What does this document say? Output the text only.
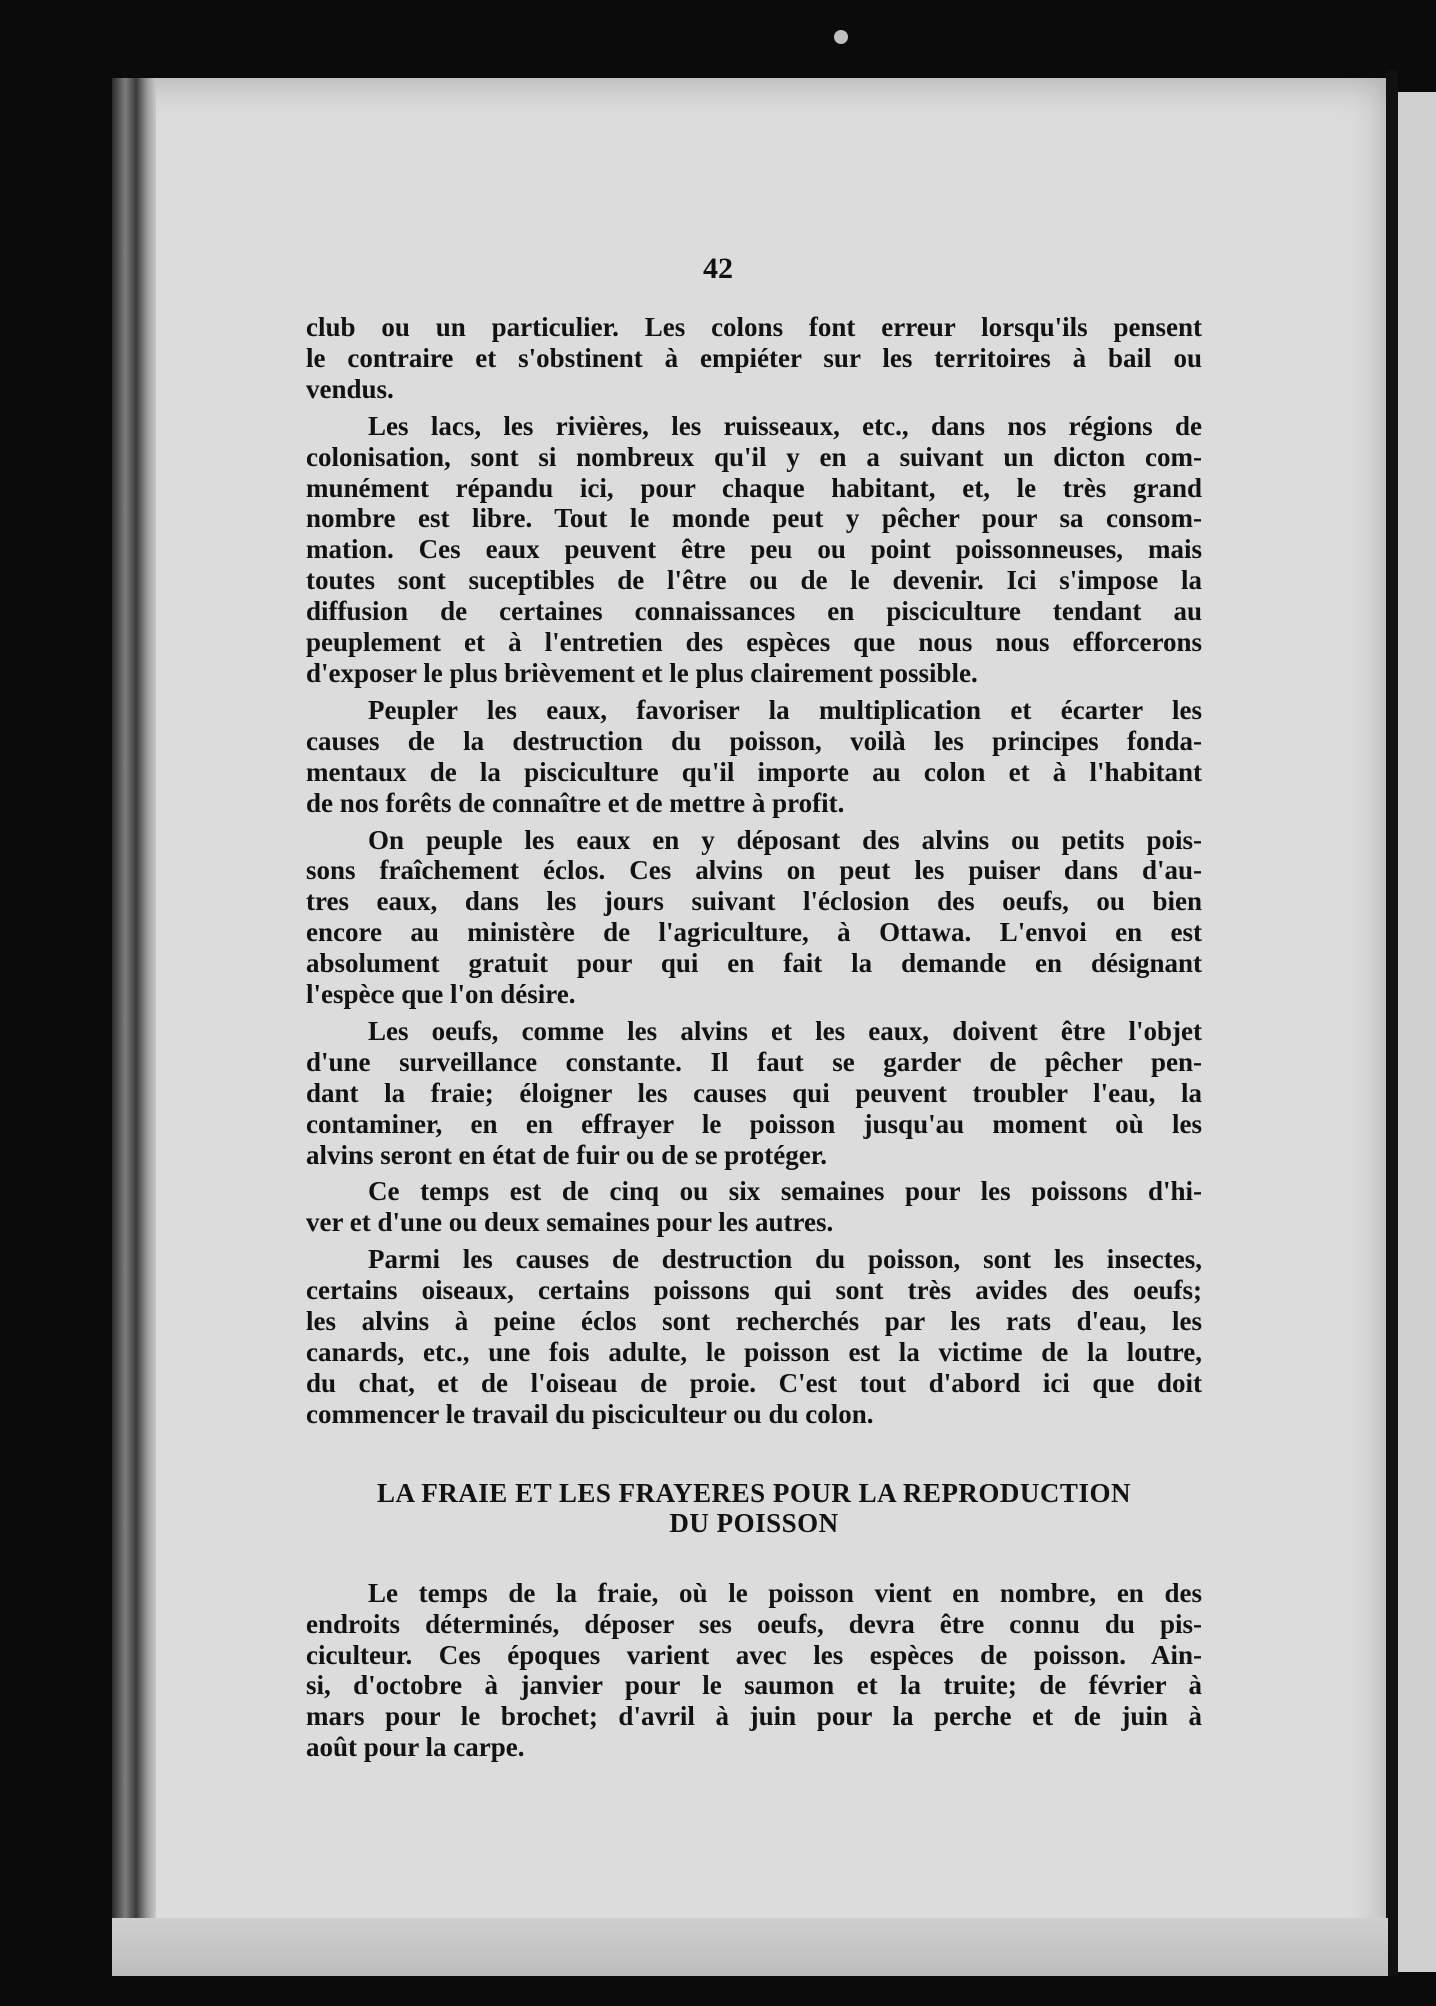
42
club ou un particulier. Les colons font erreur lorsqu'ils pensent
le contraire et s'obstinent à empiéter sur les territoires à bail ou
vendus.
Les lacs, les rivières, les ruisseaux, etc., dans nos régions de
colonisation, sont si nombreux qu'il y en a suivant un dicton com-
munément répandu ici, pour chaque habitant, et, le très grand
nombre est libre. Tout le monde peut y pêcher pour sa consom-
mation. Ces eaux peuvent être peu ou point poissonneuses, mais
toutes sont suceptibles de l'être ou de le devenir. Ici s'impose la
diffusion de certaines connaissances en pisciculture tendant au
peuplement et à l'entretien des espèces que nous nous efforcerons
d'exposer le plus brièvement et le plus clairement possible.
Peupler les eaux, favoriser la multiplication et écarter les
causes de la destruction du poisson, voilà les principes fonda-
mentaux de la pisciculture qu'il importe au colon et à l'habitant
de nos forêts de connaître et de mettre à profit.
On peuple les eaux en y déposant des alvins ou petits pois-
sons fraîchement éclos. Ces alvins on peut les puiser dans d'au-
tres eaux, dans les jours suivant l'éclosion des oeufs, ou bien
encore au ministère de l'agriculture, à Ottawa. L'envoi en est
absolument gratuit pour qui en fait la demande en désignant
l'espèce que l'on désire.
Les oeufs, comme les alvins et les eaux, doivent être l'objet
d'une surveillance constante. Il faut se garder de pêcher pen-
dant la fraie; éloigner les causes qui peuvent troubler l'eau, la
contaminer, en en effrayer le poisson jusqu'au moment où les
alvins seront en état de fuir ou de se protéger.
Ce temps est de cinq ou six semaines pour les poissons d'hi-
ver et d'une ou deux semaines pour les autres.
Parmi les causes de destruction du poisson, sont les insectes,
certains oiseaux, certains poissons qui sont très avides des oeufs;
les alvins à peine éclos sont recherchés par les rats d'eau, les
canards, etc., une fois adulte, le poisson est la victime de la loutre,
du chat, et de l'oiseau de proie. C'est tout d'abord ici que doit
commencer le travail du pisciculteur ou du colon.
LA FRAIE ET LES FRAYERES POUR LA REPRODUCTION
DU POISSON
Le temps de la fraie, où le poisson vient en nombre, en des
endroits déterminés, déposer ses oeufs, devra être connu du pis-
ciculteur. Ces époques varient avec les espèces de poisson. Ain-
si, d'octobre à janvier pour le saumon et la truite; de février à
mars pour le brochet; d'avril à juin pour la perche et de juin à
août pour la carpe.
